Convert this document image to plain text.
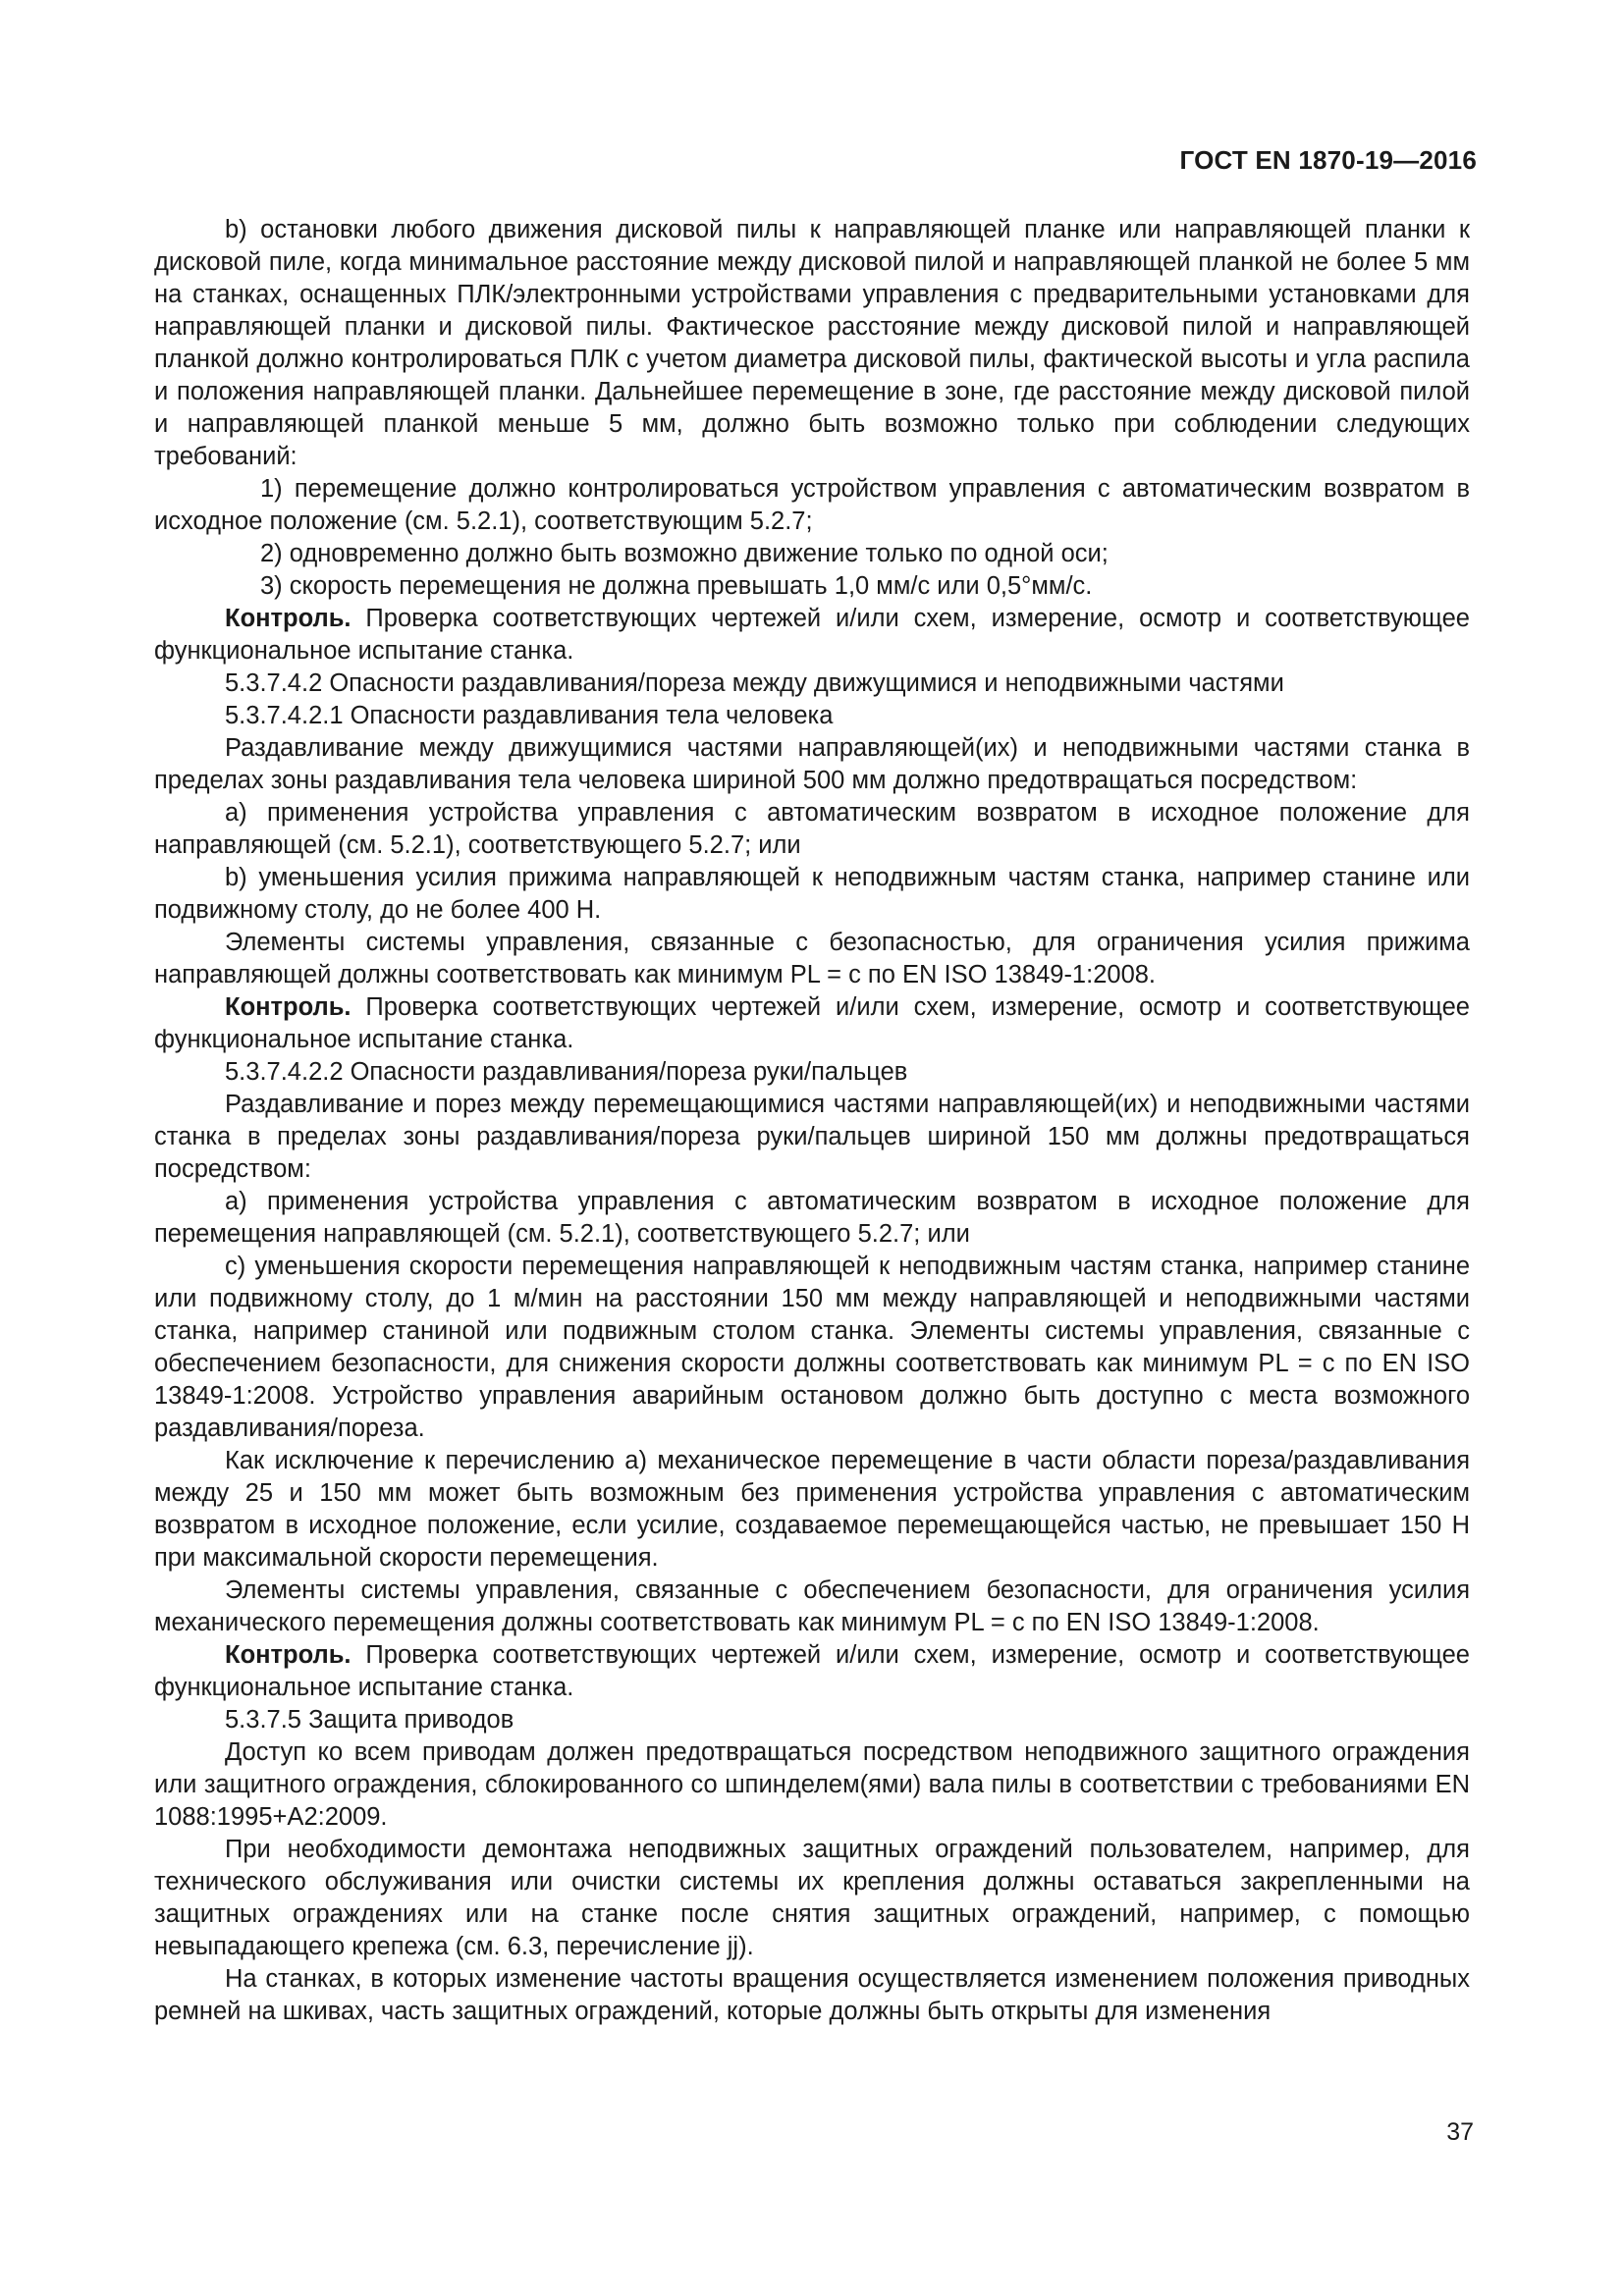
ГОСТ EN 1870-19—2016

b) остановки любого движения дисковой пилы к направляющей планке или направляющей планки к дисковой пиле, когда минимальное расстояние между дисковой пилой и направляющей планкой не более 5 мм на станках, оснащенных ПЛК/электронными устройствами управления с предварительными установками для направляющей планки и дисковой пилы. Фактическое расстояние между дисковой пилой и направляющей планкой должно контролироваться ПЛК с учетом диаметра дисковой пилы, фактической высоты и угла распила и положения направляющей планки. Дальнейшее перемещение в зоне, где расстояние между дисковой пилой и направляющей планкой меньше 5 мм, должно быть возможно только при соблюдении следующих требований:

1) перемещение должно контролироваться устройством управления с автоматическим возвратом в исходное положение (см. 5.2.1), соответствующим 5.2.7;

2) одновременно должно быть возможно движение только по одной оси;

3) скорость перемещения не должна превышать 1,0 мм/с или 0,5°мм/с.

Контроль. Проверка соответствующих чертежей и/или схем, измерение, осмотр и соответствующее функциональное испытание станка.

5.3.7.4.2 Опасности раздавливания/пореза между движущимися и неподвижными частями

5.3.7.4.2.1 Опасности раздавливания тела человека

Раздавливание между движущимися частями направляющей(их) и неподвижными частями станка в пределах зоны раздавливания тела человека шириной 500 мм должно предотвращаться посредством:

a) применения устройства управления с автоматическим возвратом в исходное положение для направляющей (см. 5.2.1), соответствующего 5.2.7; или

b) уменьшения усилия прижима направляющей к неподвижным частям станка, например станине или подвижному столу, до не более 400 Н.

Элементы системы управления, связанные с безопасностью, для ограничения усилия прижима направляющей должны соответствовать как минимум PL = c по EN ISO 13849-1:2008.

Контроль. Проверка соответствующих чертежей и/или схем, измерение, осмотр и соответствующее функциональное испытание станка.

5.3.7.4.2.2 Опасности раздавливания/пореза руки/пальцев

Раздавливание и порез между перемещающимися частями направляющей(их) и неподвижными частями станка в пределах зоны раздавливания/пореза руки/пальцев шириной 150 мм должны предотвращаться посредством:

a) применения устройства управления с автоматическим возвратом в исходное положение для перемещения направляющей (см. 5.2.1), соответствующего 5.2.7; или

c) уменьшения скорости перемещения направляющей к неподвижным частям станка, например станине или подвижному столу, до 1 м/мин на расстоянии 150 мм между направляющей и неподвижными частями станка, например станиной или подвижным столом станка. Элементы системы управления, связанные с обеспечением безопасности, для снижения скорости должны соответствовать как минимум PL = c по EN ISO 13849-1:2008. Устройство управления аварийным остановом должно быть доступно с места возможного раздавливания/пореза.

Как исключение к перечислению a) механическое перемещение в части области пореза/раздавливания между 25 и 150 мм может быть возможным без применения устройства управления с автоматическим возвратом в исходное положение, если усилие, создаваемое перемещающейся частью, не превышает 150 Н при максимальной скорости перемещения.

Элементы системы управления, связанные с обеспечением безопасности, для ограничения усилия механического перемещения должны соответствовать как минимум PL = c по EN ISO 13849-1:2008.

Контроль. Проверка соответствующих чертежей и/или схем, измерение, осмотр и соответствующее функциональное испытание станка.

5.3.7.5 Защита приводов

Доступ ко всем приводам должен предотвращаться посредством неподвижного защитного ограждения или защитного ограждения, сблокированного со шпинделем(ями) вала пилы в соответствии с требованиями EN 1088:1995+A2:2009.

При необходимости демонтажа неподвижных защитных ограждений пользователем, например, для технического обслуживания или очистки системы их крепления должны оставаться закрепленными на защитных ограждениях или на станке после снятия защитных ограждений, например, с помощью невыпадающего крепежа (см. 6.3, перечисление jj).

На станках, в которых изменение частоты вращения осуществляется изменением положения приводных ремней на шкивах, часть защитных ограждений, которые должны быть открыты для изменения

37
